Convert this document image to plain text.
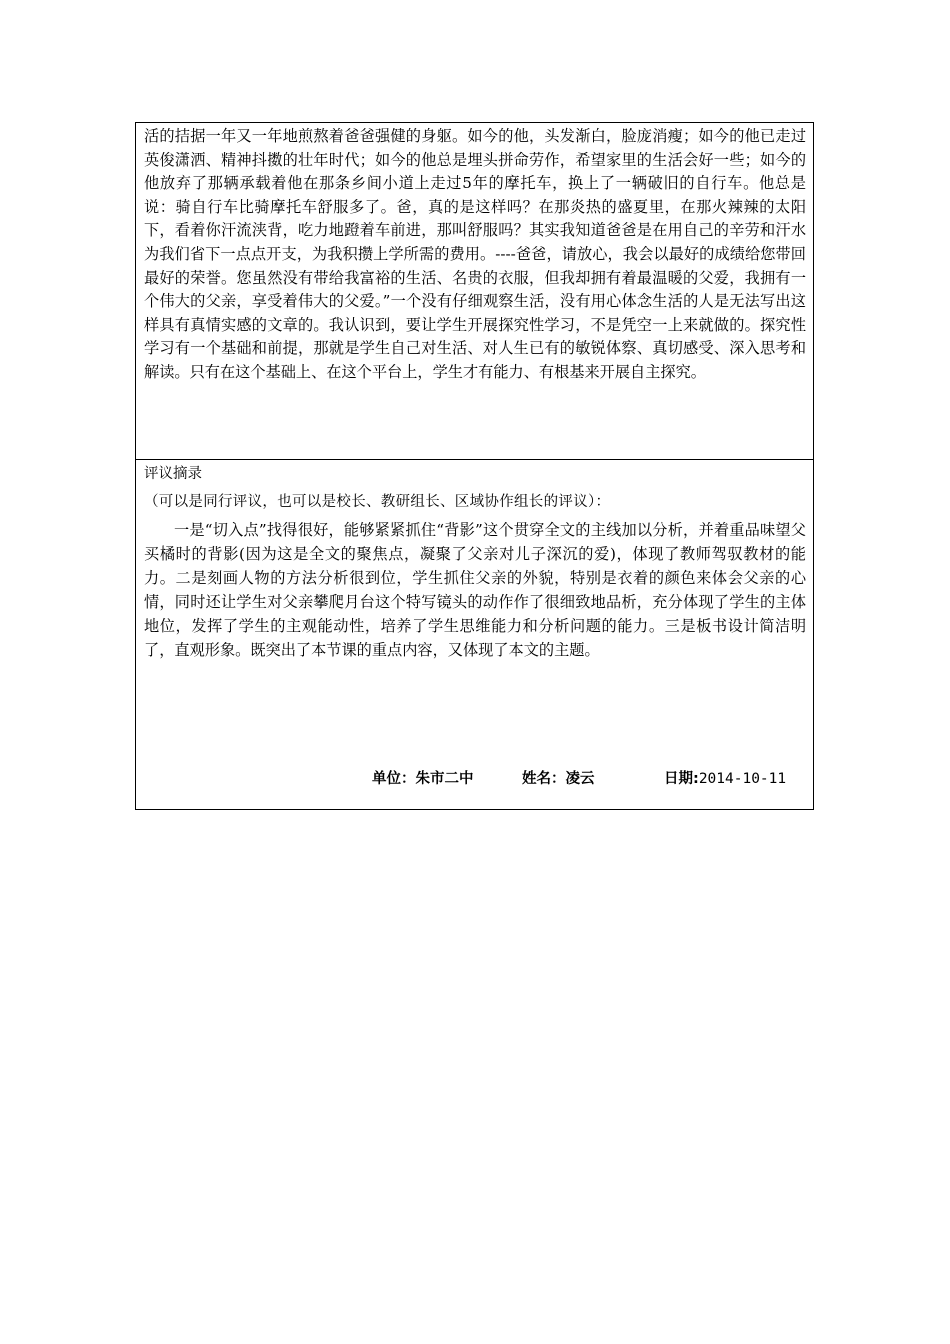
活的拮据一年又一年地煎熬着爸爸强健的身躯。如今的他，头发渐白，脸庞消瘦；如今的他已走过英俊潇洒、精神抖擞的壮年时代；如今的他总是埋头拼命劳作，希望家里的生活会好一些；如今的他放弃了那辆承载着他在那条乡间小道上走过5年的摩托车，换上了一辆破旧的自行车。他总是说：骑自行车比骑摩托车舒服多了。爸，真的是这样吗？在那炎热的盛夏里，在那火辣辣的太阳下，看着你汗流浃背，吃力地蹬着车前进，那叫舒服吗？其实我知道爸爸是在用自己的辛劳和汗水为我们省下一点点开支，为我积攒上学所需的费用。----爸爸，请放心，我会以最好的成绩给您带回最好的荣誉。您虽然没有带给我富裕的生活、名贵的衣服，但我却拥有着最温暖的父爱，我拥有一个伟大的父亲，享受着伟大的父爱。”一个没有仔细观察生活，没有用心体念生活的人是无法写出这样具有真情实感的文章的。我认识到，要让学生开展探究性学习，不是凭空一上来就做的。探究性学习有一个基础和前提，那就是学生自己对生活、对人生已有的敏锐体察、真切感受、深入思考和解读。只有在这个基础上、在这个平台上，学生才有能力、有根基来开展自主探究。

评议摘录

（可以是同行评议，也可以是校长、教研组长、区域协作组长的评议）：

一是“切入点”找得很好，能够紧紧抓住“背影”这个贯穿全文的主线加以分析，并着重品味望父买橘时的背影(因为这是全文的聚焦点，凝聚了父亲对儿子深沉的爱)，体现了教师驾驭教材的能力。二是刻画人物的方法分析很到位，学生抓住父亲的外貌，特别是衣着的颜色来体会父亲的心情，同时还让学生对父亲攀爬月台这个特写镜头的动作作了很细致地品析，充分体现了学生的主体地位，发挥了学生的主观能动性，培养了学生思维能力和分析问题的能力。三是板书设计简洁明了，直观形象。既突出了本节课的重点内容，又体现了本文的主题。

单位：朱市二中	姓名：凌云	日期:2014-10-11
